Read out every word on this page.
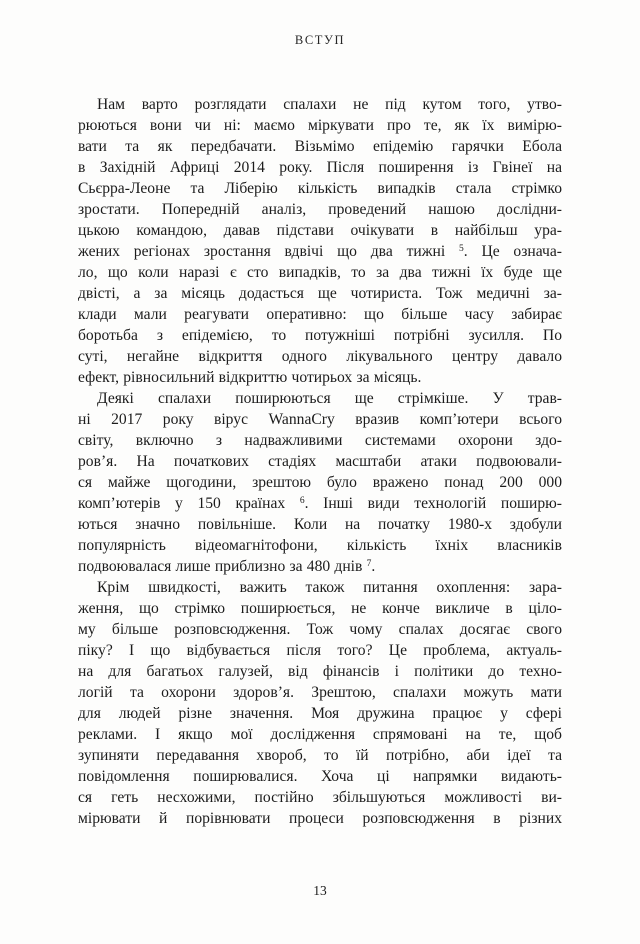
ВСТУП
Нам варто розглядати спалахи не під кутом того, утво-
рюються вони чи ні: маємо міркувати про те, як їх вимірю-
вати та як передбачати. Візьмімо епідемію гарячки Ебола
в Західній Африці 2014 року. Після поширення із Гвінеї на
Сьєрра-Леоне та Ліберію кількість випадків стала стрімко
зростати. Попередній аналіз, проведений нашою дослідни-
цькою командою, давав підстави очікувати в найбільш ура-
жених регіонах зростання вдвічі що два тижні $^5$. Це означа-
ло, що коли наразі є сто випадків, то за два тижні їх буде ще
двісті, а за місяць додасться ще чотириста. Тож медичні за-
клади мали реагувати оперативно: що більше часу забирає
боротьба з епідемією, то потужніші потрібні зусилля. По
суті, негайне відкриття одного лікувального центру давало
ефект, рівносильний відкриттю чотирьох за місяць.
Деякі спалахи поширюються ще стрімкіше. У трав-
ні 2017 року вірус WannaCry вразив комп’ютери всього
світу, включно з надважливими системами охорони здо-
ров’я. На початкових стадіях масштаби атаки подвоювали-
ся майже щогодини, зрештою було вражено понад 200 000
комп’ютерів у 150 країнах $^6$. Інші види технологій поширю-
ються значно повільніше. Коли на початку 1980-х здобули
популярність відеомагнітофони, кількість їхніх власників
подвоювалася лише приблизно за 480 днів $^7$.
Крім швидкості, важить також питання охоплення: зара-
ження, що стрімко поширюється, не конче викличе в ціло-
му більше розповсюдження. Тож чому спалах досягає свого
піку? І що відбувається після того? Це проблема, актуаль-
на для багатьох галузей, від фінансів і політики до техно-
логій та охорони здоров’я. Зрештою, спалахи можуть мати
для людей різне значення. Моя дружина працює у сфері
реклами. І якщо мої дослідження спрямовані на те, щоб
зупиняти передавання хвороб, то їй потрібно, аби ідеї та
повідомлення поширювалися. Хоча ці напрямки видають-
ся геть несхожими, постійно збільшуються можливості ви-
мірювати й порівнювати процеси розповсюдження в різних
13
